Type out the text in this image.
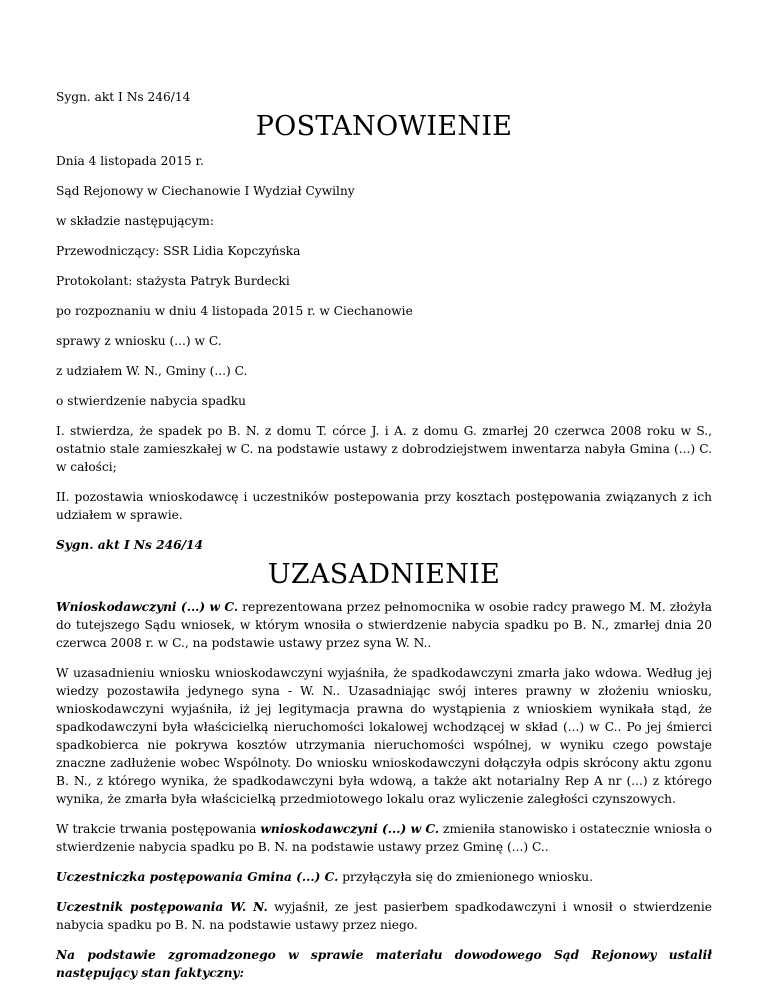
Sygn. akt I Ns 246/14
POSTANOWIENIE
Dnia 4 listopada 2015 r.
Sąd Rejonowy w Ciechanowie I Wydział Cywilny
w składzie następującym:
Przewodniczący: SSR Lidia Kopczyńska
Protokolant: stażysta Patryk Burdecki
po rozpoznaniu w dniu 4 listopada 2015 r. w Ciechanowie
sprawy z wniosku (...) w C.
z udziałem W. N., Gminy (...) C.
o stwierdzenie nabycia spadku
I. stwierdza, że spadek po B. N. z domu T. córce J. i A. z domu G. zmarłej 20 czerwca 2008 roku w S., ostatnio stale zamieszkałej w C. na podstawie ustawy z dobrodziejstwem inwentarza nabyła Gmina (...) C. w całości;
II. pozostawia wnioskodawcę i uczestników postepowania przy kosztach postępowania związanych z ich udziałem w sprawie.
Sygn. akt I Ns 246/14
UZASADNIENIE
Wnioskodawczyni (...) w C. reprezentowana przez pełnomocnika w osobie radcy prawego M. M. złożyła do tutejszego Sądu wniosek, w którym wnosiła o stwierdzenie nabycia spadku po B. N., zmarłej dnia 20 czerwca 2008 r. w C., na podstawie ustawy przez syna W. N..
W uzasadnieniu wniosku wnioskodawczyni wyjaśniła, że spadkodawczyni zmarła jako wdowa. Według jej wiedzy pozostawiła jedynego syna - W. N.. Uzasadniając swój interes prawny w złożeniu wniosku, wnioskodawczyni wyjaśniła, iż jej legitymacja prawna do wystąpienia z wnioskiem wynikała stąd, że spadkodawczyni była właścicielką nieruchomości lokalowej wchodzącej w skład (...) w C.. Po jej śmierci spadkobierca nie pokrywa kosztów utrzymania nieruchomości wspólnej, w wyniku czego powstaje znaczne zadłużenie wobec Wspólnoty. Do wniosku wnioskodawczyni dołączyła odpis skrócony aktu zgonu B. N., z którego wynika, że spadkodawczyni była wdową, a także akt notarialny Rep A nr (...) z którego wynika, że zmarła była właścicielką przedmiotowego lokalu oraz wyliczenie zaległości czynszowych.
W trakcie trwania postępowania wnioskodawczyni (...) w C. zmieniła stanowisko i ostatecznie wniosła o stwierdzenie nabycia spadku po B. N. na podstawie ustawy przez Gminę (...) C..
Uczestniczka postępowania Gmina (...) C. przyłączyła się do zmienionego wniosku.
Uczestnik postępowania W. N. wyjaśnił, ze jest pasierbem spadkodawczyni i wnosił o stwierdzenie nabycia spadku po B. N. na podstawie ustawy przez niego.
Na podstawie zgromadzonego w sprawie materiału dowodowego Sąd Rejonowy ustalił następujący stan faktyczny:
